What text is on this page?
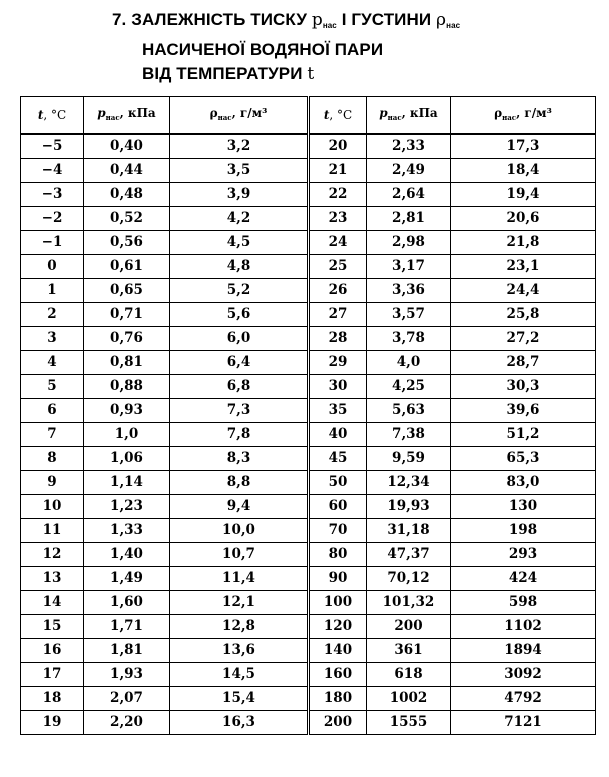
7. ЗАЛЕЖНІСТЬ ТИСКУ $p_{нас}$ І ГУСТИНИ $\rho_{нас}$
НАСИЧЕНОЇ ВОДЯНОЇ ПАРИ
ВІД ТЕМПЕРАТУРИ t
t, °C	$p_{нас}$, кПа	$\rho_{нас}$, г/м³	t, °C	$p_{нас}$, кПа	$\rho_{нас}$, г/м³
−5	0,40	3,2	20	2,33	17,3
−4	0,44	3,5	21	2,49	18,4
−3	0,48	3,9	22	2,64	19,4
−2	0,52	4,2	23	2,81	20,6
−1	0,56	4,5	24	2,98	21,8
0	0,61	4,8	25	3,17	23,1
1	0,65	5,2	26	3,36	24,4
2	0,71	5,6	27	3,57	25,8
3	0,76	6,0	28	3,78	27,2
4	0,81	6,4	29	4,0	28,7
5	0,88	6,8	30	4,25	30,3
6	0,93	7,3	35	5,63	39,6
7	1,0	7,8	40	7,38	51,2
8	1,06	8,3	45	9,59	65,3
9	1,14	8,8	50	12,34	83,0
10	1,23	9,4	60	19,93	130
11	1,33	10,0	70	31,18	198
12	1,40	10,7	80	47,37	293
13	1,49	11,4	90	70,12	424
14	1,60	12,1	100	101,32	598
15	1,71	12,8	120	200	1102
16	1,81	13,6	140	361	1894
17	1,93	14,5	160	618	3092
18	2,07	15,4	180	1002	4792
19	2,20	16,3	200	1555	7121
